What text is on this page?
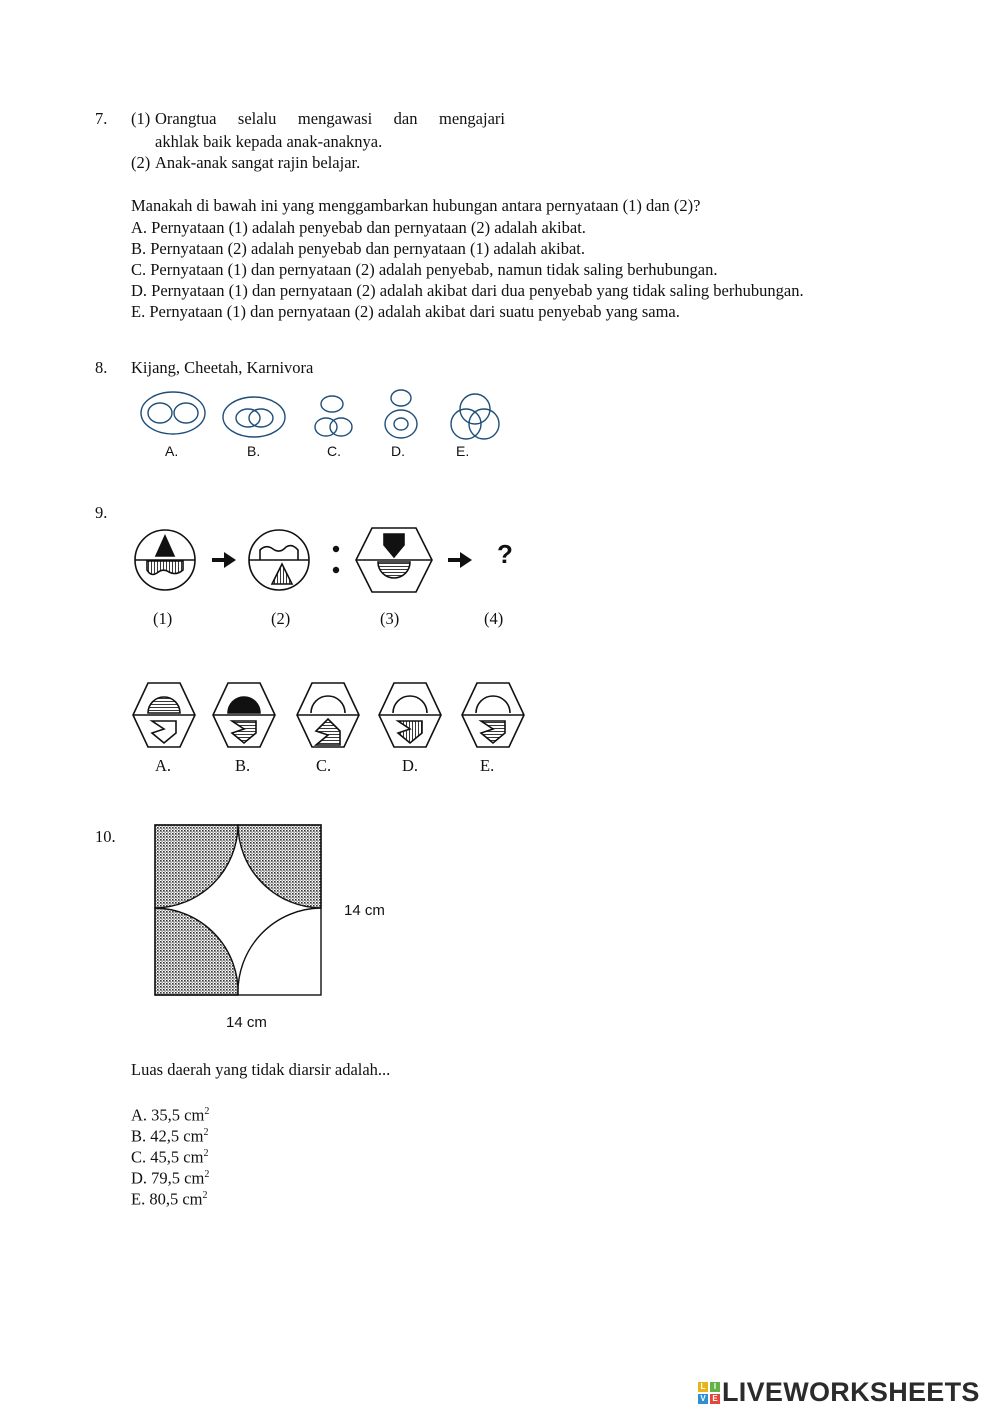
7. (1) Orangtua selalu mengawasi dan mengajari
akhlak baik kepada anak-anaknya.
(2) Anak-anak sangat rajin belajar.
Manakah di bawah ini yang menggambarkan hubungan antara pernyataan (1) dan (2)?
A. Pernyataan (1) adalah penyebab dan pernyataan (2) adalah akibat.
B. Pernyataan (2) adalah penyebab dan pernyataan (1) adalah akibat.
C. Pernyataan (1) dan pernyataan (2) adalah penyebab, namun tidak saling berhubungan.
D. Pernyataan (1) dan pernyataan (2) adalah akibat dari dua penyebab yang tidak saling berhubungan.
E. Pernyataan (1) dan pernyataan (2) adalah akibat dari suatu penyebab yang sama.
8. Kijang, Cheetah, Karnivora
A.	B.	C.	D.	E.
9.
?
(1)	(2)	(3)	(4)
A.	B.	C.	D.	E.
10.
14 cm
14 cm
Luas daerah yang tidak diarsir adalah...
A. 35,5 $cm^2$
B. 42,5 $cm^2$
C. 45,5 $cm^2$
D. 79,5 $cm^2$
E. 80,5 $cm^2$
L	I
V E LIVEWORKSHEETS
